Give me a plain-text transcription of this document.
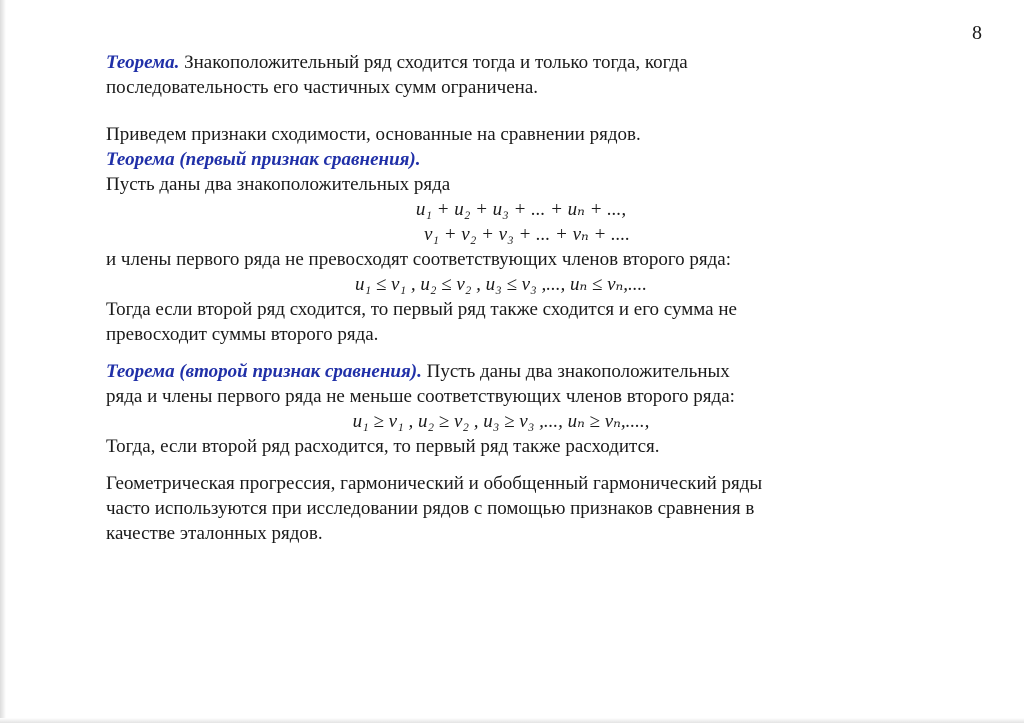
8

Теорема. Знакоположительный ряд сходится тогда и только тогда, когда
последовательность его частичных сумм ограничена.

Приведем признаки сходимости, основанные на сравнении рядов.

Теорема (первый признак сравнения).
Пусть даны два знакоположительных ряда

u₁ + u₂ + u₃ + ... + uₙ + ...,

v₁ + v₂ + v₃ + ... + vₙ + ....

и члены первого ряда не превосходят соответствующих членов второго ряда:

u₁ ≤ v₁ , u₂ ≤ v₂ , u₃ ≤ v₃ ,..., uₙ ≤ vₙ,....

Тогда если второй ряд сходится, то первый ряд также сходится и его сумма не
превосходит суммы второго ряда.

Теорема (второй признак сравнения). Пусть даны два знакоположительных
ряда и члены первого ряда не меньше соответствующих членов второго ряда:

u₁ ≥ v₁ , u₂ ≥ v₂ , u₃ ≥ v₃ ,..., uₙ ≥ vₙ,....,

Тогда, если второй ряд расходится, то первый ряд также расходится.

Геометрическая прогрессия, гармонический и обобщенный гармонический ряды
часто используются при исследовании рядов с помощью признаков сравнения в
качестве эталонных рядов.
